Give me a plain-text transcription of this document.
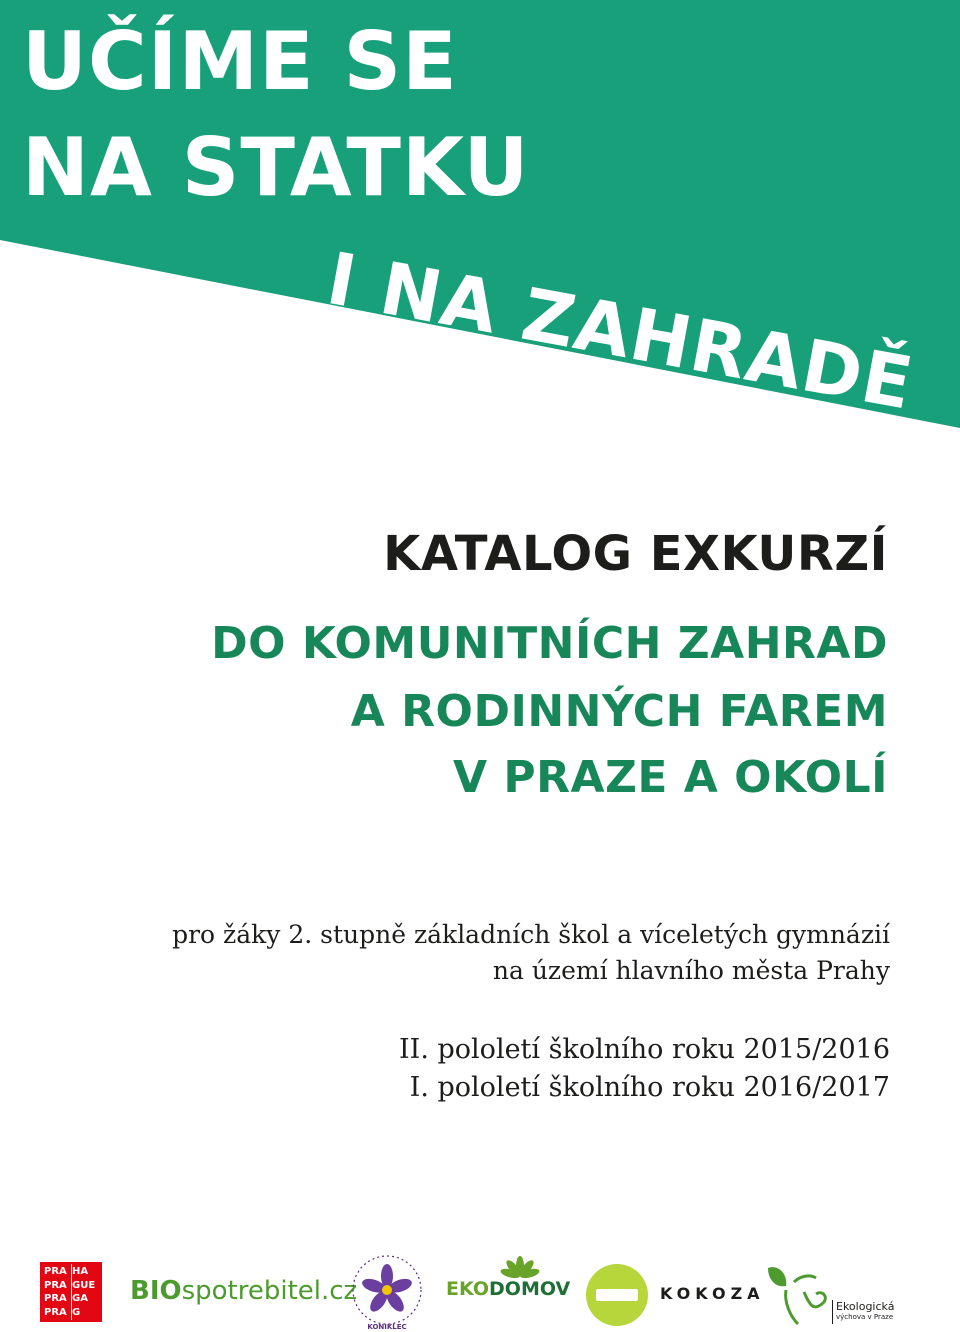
UČÍME SE
NA STATKU
I NA ZAHRADĚ
KATALOG EXKURZÍ

DO KOMUNITNÍCH ZAHRAD

A RODINNÝCH FAREM

V PRAZE A OKOLÍ

pro žáky 2. stupně základních škol a víceletých gymnázií

na území hlavního města Prahy

II. pololetí školního roku 2015/2016

I. pololetí školního roku 2016/2017

PRA HA
PRA GUE
PRA GA
PRA G
BIOspotrebitel.cz
KONIKLEC
EKODOMOV	KOKOZA
Ekologická
výchova v Praze
